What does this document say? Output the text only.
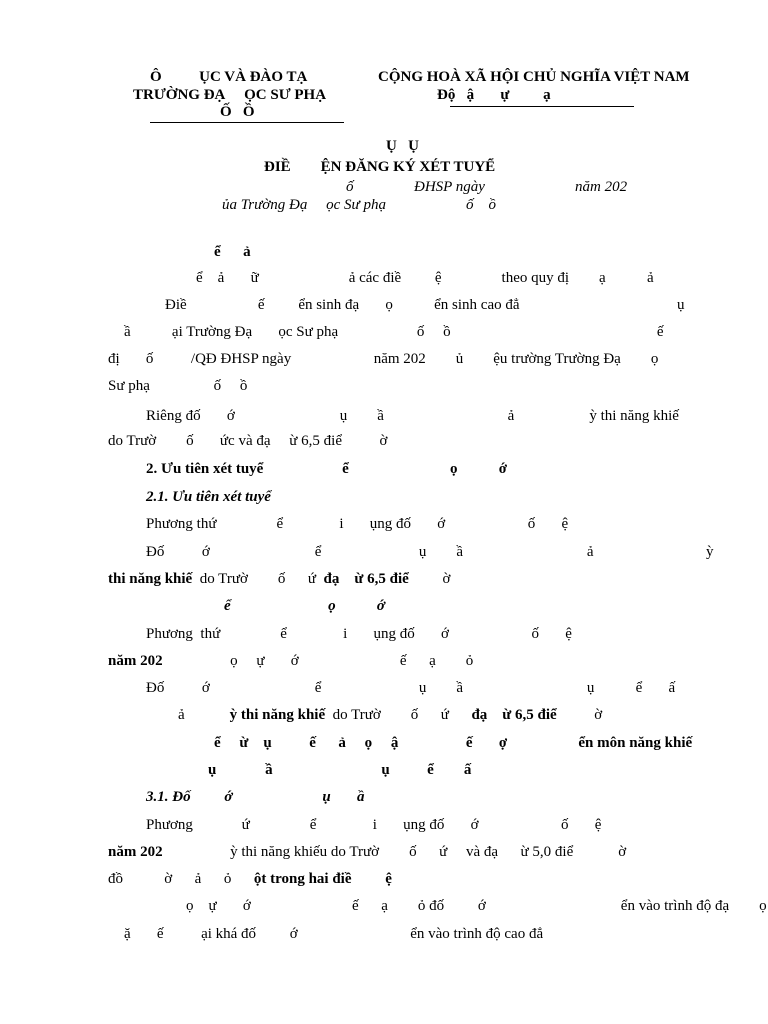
Ô          ỤC VÀ ĐÀO TẠ
TRƯỜNG ĐẠ     ỌC SƯ PHẠ
Ố   Ồ
CỘNG HOÀ XÃ HỘI CHỦ NGHĨA VIỆT NAM
Độ   ậ       ự         ạ
Ụ   Ụ
ĐIỀ        ỆN ĐĂNG KÝ XÉT TUYỂ
ố	ĐHSP ngày	năm 202
ủa Trường Đạ     ọc Sư phạ	ố    ồ
ể      ả
ể    ả       ữ                        ả các điề         ệ                theo quy đị        ạ           ả
Điề                   ế         ển sinh đạ       ọ           ển sinh cao đẳ                                          ụ
ầ           ại Trường Đạ       ọc Sư phạ                     ố     ồ                                                       ế
đị       ố          /QĐ ĐHSP ngày                      năm 202        ủ        ệu trường Trường Đạ        ọ
Sư phạ                 ố     ồ
Riêng đố       ớ                            ụ        ầ                                 ả                    ỳ thi năng khiế
do Trườ        ố       ức và đạ     ừ 6,5 điể          ờ
2. Ưu tiên xét tuyể                     ể                           ọ           ớ
2.1. Ưu tiên xét tuyể
Phương thứ                ể               i       ụng đố       ớ                      ố       ệ
Đố          ớ                            ể                          ụ        ầ                                 ả                              ỳ
thi năng khiế  do Trườ        ố      ứ  đạ    ừ 6,5 điể         ờ
ể                          ọ           ớ
Phương  thứ                ể               i       ụng đố       ớ                      ố       ệ
năm 202                  ọ     ự       ớ                           ế      ạ        ỏ
Đố          ớ                            ể                          ụ        ầ                                 ụ           ể       ấ
ả            ỳ thi năng khiế  do Trườ        ố      ứ      đạ    ừ 6,5 điể          ờ
ể     ừ    ụ          ế      ả     ọ     ậ                  ế       ợ                   ển môn năng khiế
ụ             ầ                             ụ          ể        ấ
3.1. Đố         ớ                        ụ       ầ
Phương             ứ                ể               i       ụng đố       ớ                      ố       ệ
năm 202                  ỳ thi năng khiếu do Trườ        ố      ứ     và đạ      ừ 5,0 điể            ờ
đồ           ờ      ả      ỏ      ột trong hai điề         ệ
ọ    ự       ớ                           ế      ạ        ỏ đố         ớ                                    ển vào trình độ đạ        ọ
ặ       ế          ại khá đố         ớ                              ển vào trình độ cao đẳ
